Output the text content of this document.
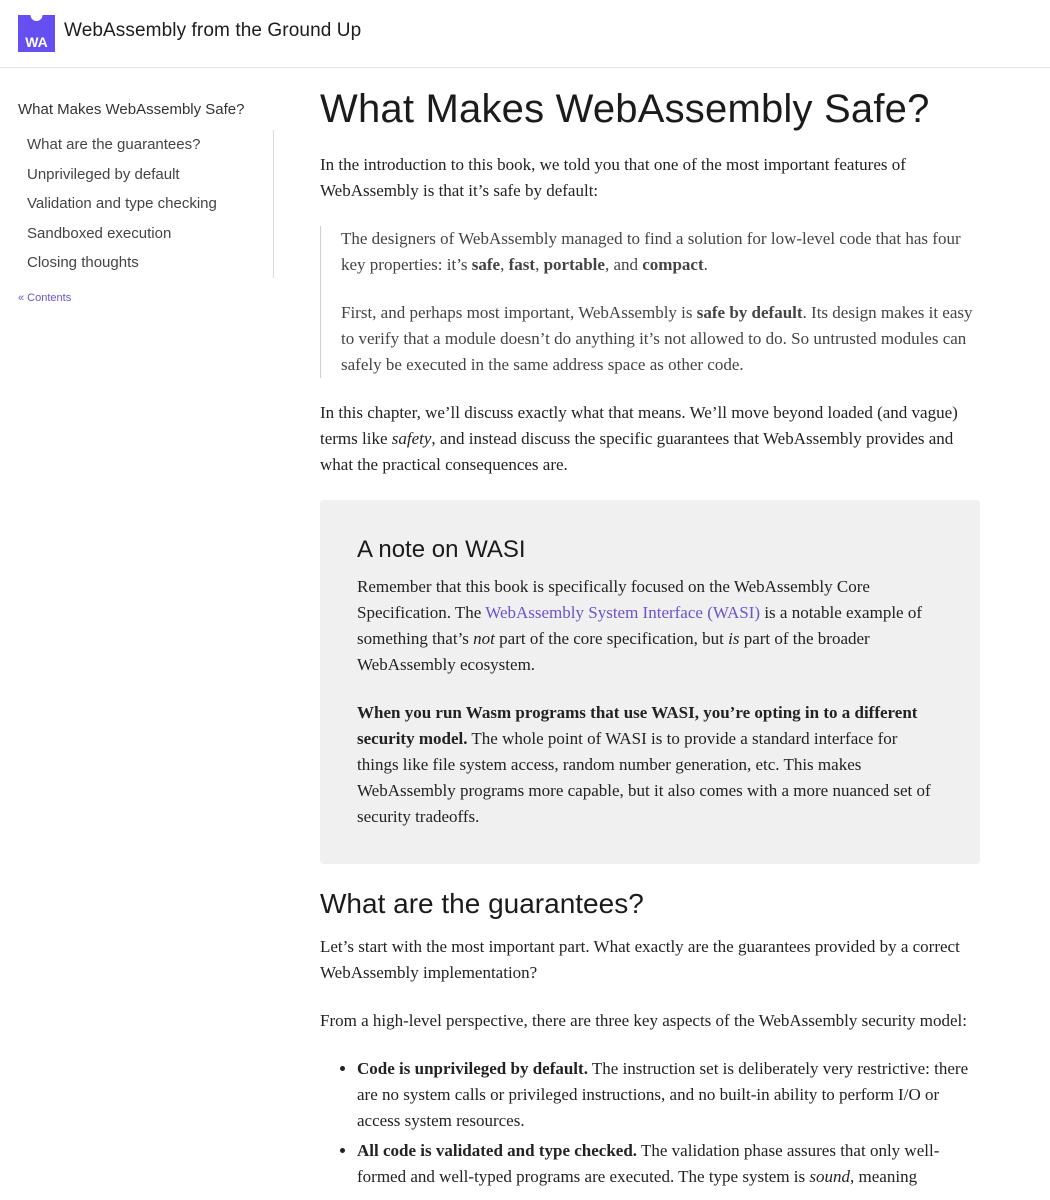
WA
WebAssembly from the Ground Up
What Makes WebAssembly Safe?
What are the guarantees?
Unprivileged by default
Validation and type checking
Sandboxed execution
Closing thoughts
« Contents
What Makes WebAssembly Safe?

In the introduction to this book, we told you that one of the most important features of WebAssembly is that it’s safe by default:

The designers of WebAssembly managed to find a solution for low-level code that has four key properties: it’s safe, fast, portable, and compact.

First, and perhaps most important, WebAssembly is safe by default. Its design makes it easy to verify that a module doesn’t do anything it’s not allowed to do. So untrusted modules can safely be executed in the same address space as other code.

In this chapter, we’ll discuss exactly what that means. We’ll move beyond loaded (and vague) terms like safety, and instead discuss the specific guarantees that WebAssembly provides and what the practical consequences are.

A note on WASI

Remember that this book is specifically focused on the WebAssembly Core Specification. The WebAssembly System Interface (WASI) is a notable example of something that’s not part of the core specification, but is part of the broader WebAssembly ecosystem.

When you run Wasm programs that use WASI, you’re opting in to a different security model. The whole point of WASI is to provide a standard interface for things like file system access, random number generation, etc. This makes WebAssembly programs more capable, but it also comes with a more nuanced set of security tradeoffs.

What are the guarantees?

Let’s start with the most important part. What exactly are the guarantees provided by a correct WebAssembly implementation?

From a high-level perspective, there are three key aspects of the WebAssembly security model:

• Code is unprivileged by default. The instruction set is deliberately very restrictive: there are no system calls or privileged instructions, and no built-in ability to perform I/O or access system resources.
• All code is validated and type checked. The validation phase assures that only well-formed and well-typed programs are executed. The type system is sound, meaning
